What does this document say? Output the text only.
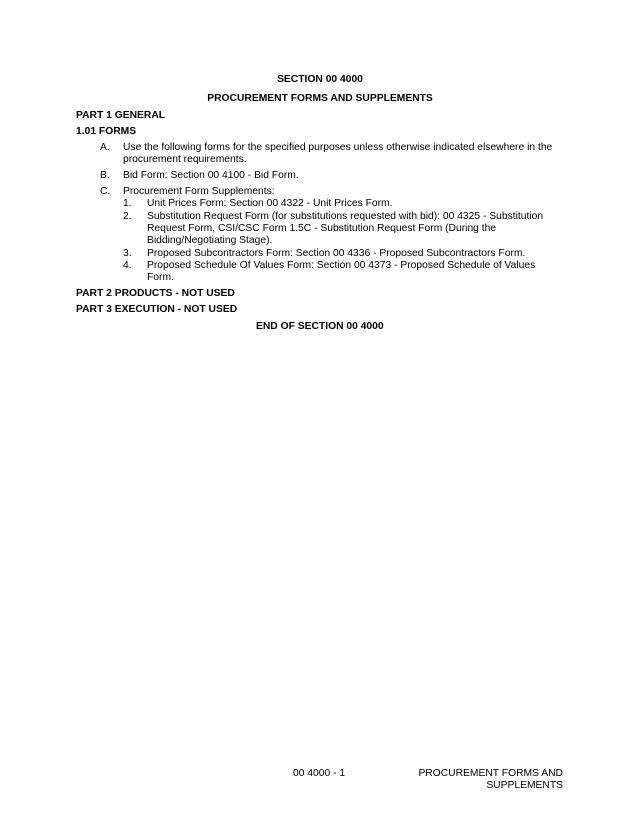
SECTION 00 4000
PROCUREMENT FORMS AND SUPPLEMENTS
PART 1 GENERAL
1.01 FORMS
A. Use the following forms for the specified purposes unless otherwise indicated elsewhere in the
procurement requirements.
B. Bid Form: Section 00 4100 - Bid Form.
C. Procurement Form Supplements:
1. Unit Prices Form: Section 00 4322 - Unit Prices Form.
2. Substitution Request Form (for substitutions requested with bid): 00 4325 - Substitution
Request Form, CSI/CSC Form 1.5C - Substitution Request Form (During the
Bidding/Negotiating Stage).
3. Proposed Subcontractors Form: Section 00 4336 - Proposed Subcontractors Form.
4. Proposed Schedule Of Values Form: Section 00 4373 - Proposed Schedule of Values
Form.
PART 2 PRODUCTS - NOT USED
PART 3 EXECUTION - NOT USED
END OF SECTION 00 4000
00 4000 - 1	PROCUREMENT FORMS AND
SUPPLEMENTS
